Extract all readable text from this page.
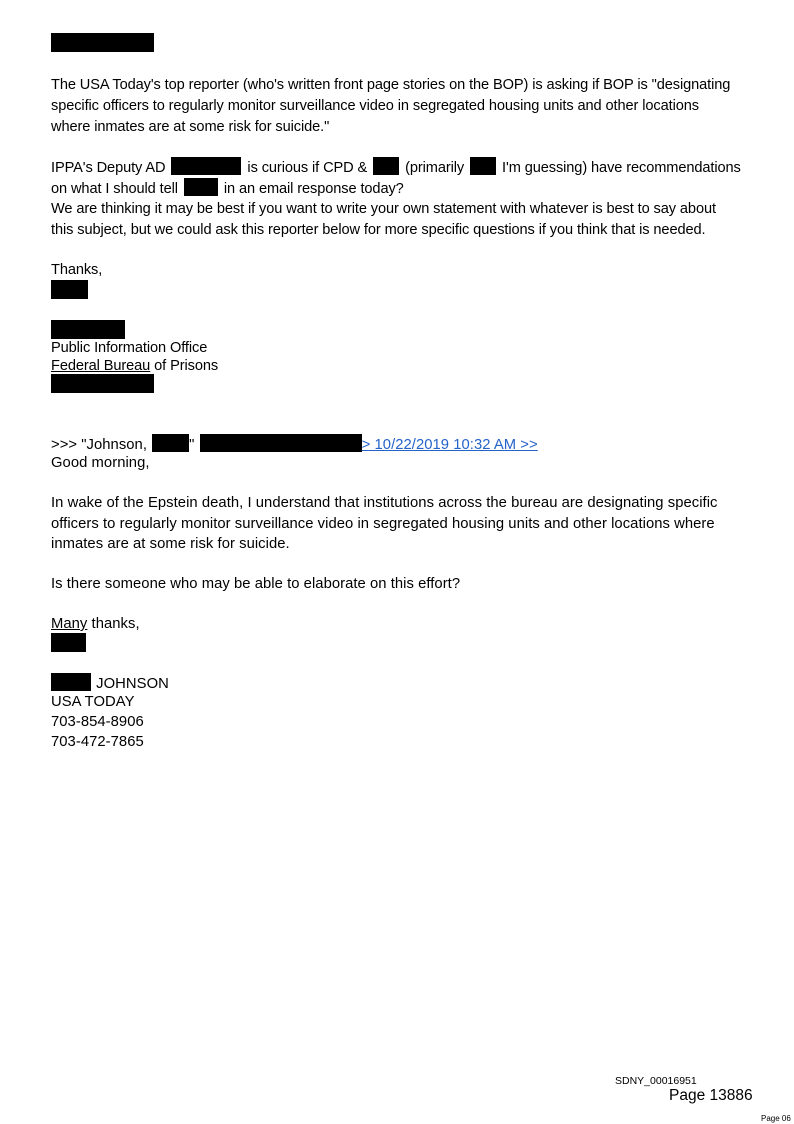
The USA Today's top reporter (who's written front page stories on the BOP) is asking if BOP is "designating
specific officers to regularly monitor surveillance video in segregated housing units and other locations
where inmates are at some risk for suicide."
IPPA's Deputy AD	is curious if CPD &	(primarily	I'm guessing) have recommendations
on what I should tell	in an email response today?
We are thinking it may be best if you want to write your own statement with whatever is best to say about
this subject, but we could ask this reporter below for more specific questions if you think that is needed.
Thanks,
Public Information Office
Federal Bureau of Prisons
>>> "Johnson,	"	> 10/22/2019 10:32 AM >>
Good morning,
In wake of the Epstein death, I understand that institutions across the bureau are designating specific
officers to regularly monitor surveillance video in segregated housing units and other locations where
inmates are at some risk for suicide.
Is there someone who may be able to elaborate on this effort?
Many thanks,
JOHNSON
USA TODAY
703-854-8906
703-472-7865
SDNY_00016951
Page 13886
Page 06
